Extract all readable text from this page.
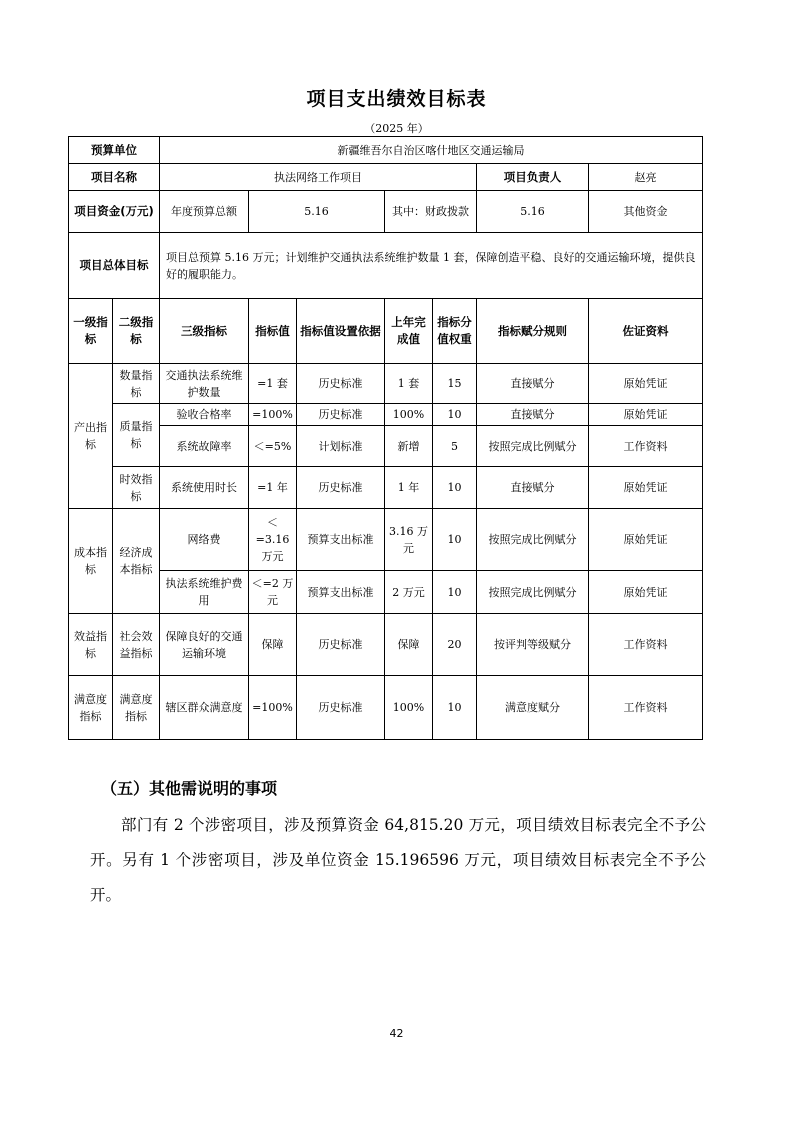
项目支出绩效目标表
（2025 年）
预算单位		新疆维吾尔自治区喀什地区交通运输局							
项目名称		执法网络工作项目					项目负责人	赵亮	
项目资金(万元)		年度预算总额	5.16		其中：财政拨款		5.16	其他资金	
项目总体目标		项目总预算 5.16 万元；计划维护交通执法系统维护数量 1 套，保障创造平稳、良好的交通运输环境，提供良好的履职能力。							
一级指标	二级指标	三级指标	指标值	指标值设置依据	上年完成值	指标分值权重	指标赋分规则	佐证资料	
产出指标	数量指标	交通执法系统维护数量	=1 套	历史标准	1 套	15	直接赋分	原始凭证	
	质量指标	验收合格率	=100%	历史标准	100%	10	直接赋分	原始凭证	
		系统故障率	＜=5%	计划标准	新增	5	按照完成比例赋分	工作资料	
	时效指标	系统使用时长	=1 年	历史标准	1 年	10	直接赋分	原始凭证	
成本指标	经济成本指标	网络费	＜=3.16 万元	预算支出标准	3.16 万元	10	按照完成比例赋分	原始凭证	
		执法系统维护费用	＜=2 万元	预算支出标准	2 万元	10	按照完成比例赋分	原始凭证	
效益指标	社会效益指标	保障良好的交通运输环境	保障	历史标准	保障	20	按评判等级赋分	工作资料	
满意度指标	满意度指标	辖区群众满意度	=100%	历史标准	100%	10	满意度赋分	工作资料	
（五）其他需说明的事项

部门有 2 个涉密项目，涉及预算资金 64,815.20 万元，项目绩效目标表完全不予公开。另有 1 个涉密项目，涉及单位资金 15.196596 万元，项目绩效目标表完全不予公开。

42
